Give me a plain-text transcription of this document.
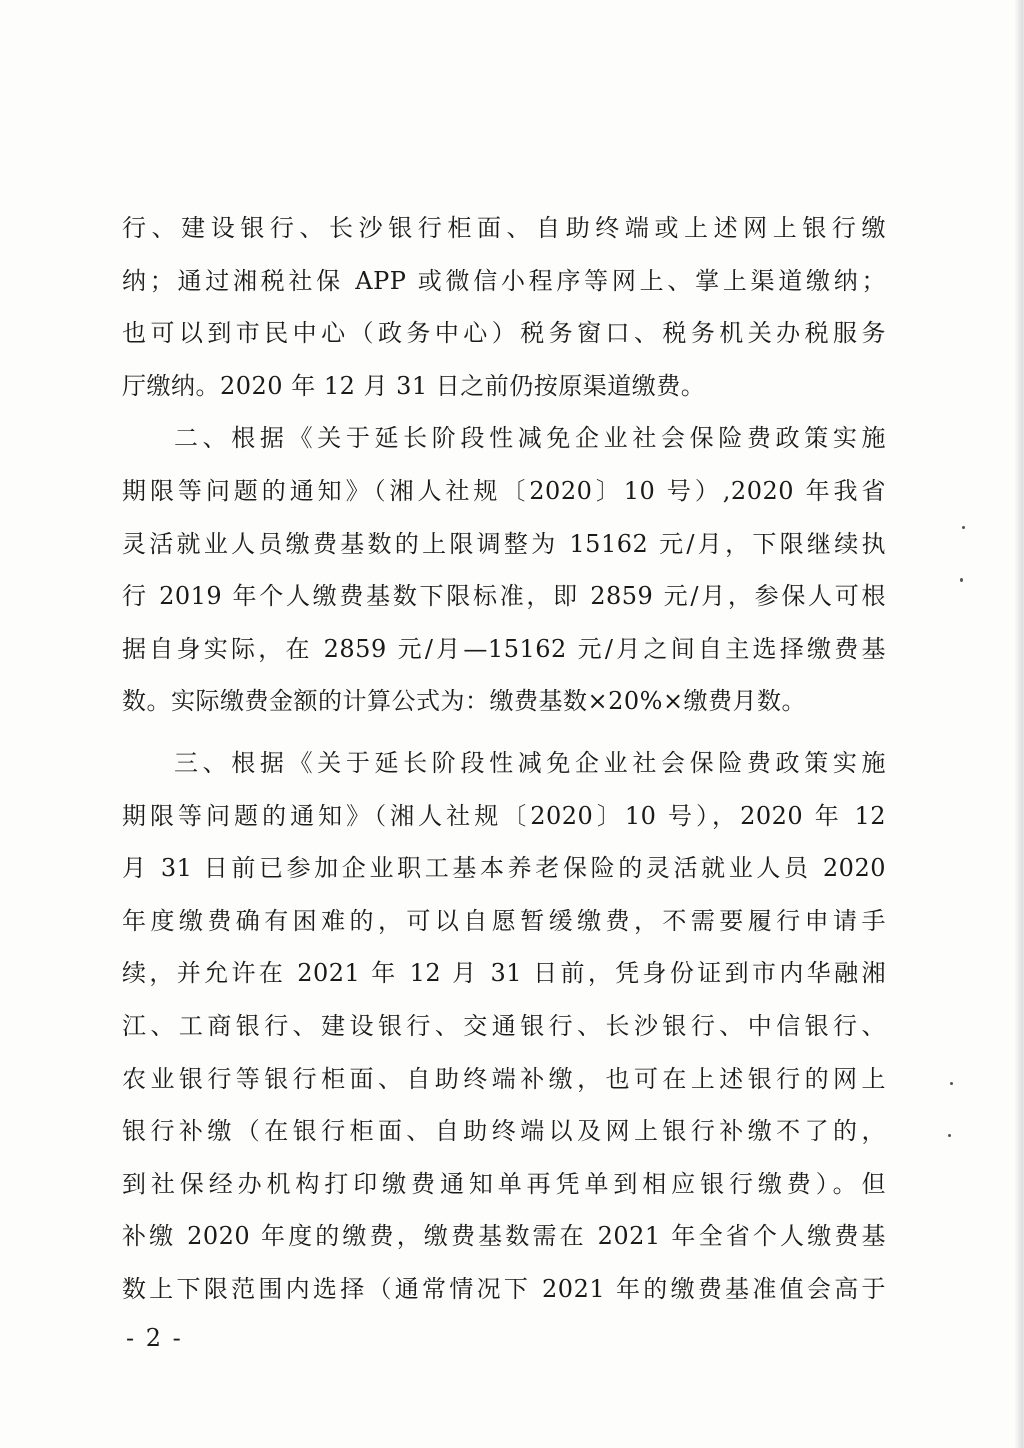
行、建设银行、长沙银行柜面、自助终端或上述网上银行缴
纳；通过湘税社保 APP 或微信小程序等网上、掌上渠道缴纳；
也可以到市民中心（政务中心）税务窗口、税务机关办税服务
厅缴纳。2020 年 12 月 31 日之前仍按原渠道缴费。
二、根据《关于延长阶段性减免企业社会保险费政策实施
期限等问题的通知》（湘人社规〔2020〕10 号）,2020 年我省
灵活就业人员缴费基数的上限调整为 15162 元/月，下限继续执
行 2019 年个人缴费基数下限标准，即 2859 元/月，参保人可根
据自身实际，在 2859 元/月—15162 元/月之间自主选择缴费基
数。实际缴费金额的计算公式为：缴费基数×20%×缴费月数。
三、根据《关于延长阶段性减免企业社会保险费政策实施
期限等问题的通知》（湘人社规〔2020〕10 号），2020 年 12
月 31 日前已参加企业职工基本养老保险的灵活就业人员 2020
年度缴费确有困难的，可以自愿暂缓缴费，不需要履行申请手
续，并允许在 2021 年 12 月 31 日前，凭身份证到市内华融湘
江、工商银行、建设银行、交通银行、长沙银行、中信银行、
农业银行等银行柜面、自助终端补缴，也可在上述银行的网上
银行补缴（在银行柜面、自助终端以及网上银行补缴不了的，
到社保经办机构打印缴费通知单再凭单到相应银行缴费）。但
补缴 2020 年度的缴费，缴费基数需在 2021 年全省个人缴费基
数上下限范围内选择（通常情况下 2021 年的缴费基准值会高于
- 2 -
